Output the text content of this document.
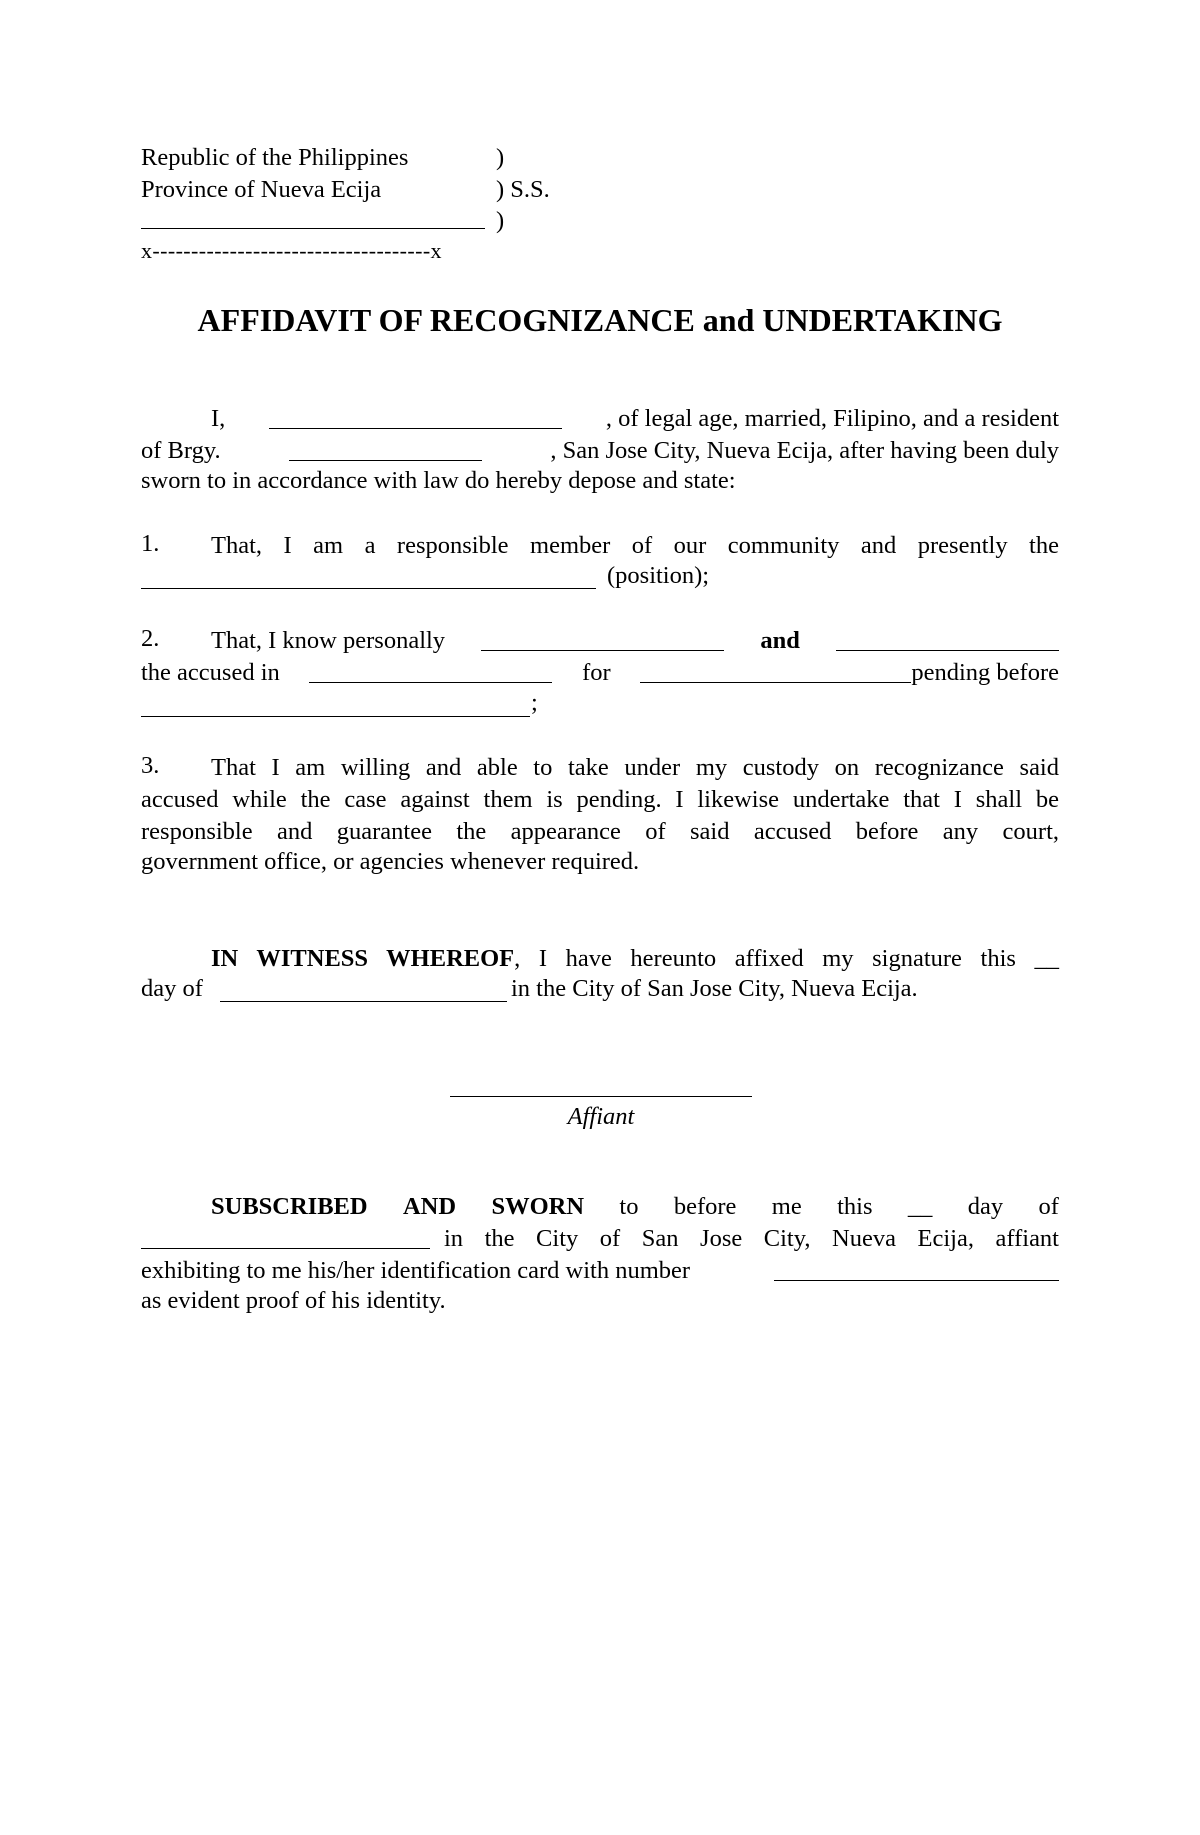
Republic of the Philippines	)
Province of Nueva Ecija	) S.S.
)
x------------------------------------x
AFFIDAVIT OF RECOGNIZANCE and UNDERTAKING
I,	, of legal age, married, Filipino, and a resident
of Brgy.	, San Jose City, Nueva Ecija, after having been duly
sworn to in accordance with law do hereby depose and state:
1. That, I am a responsible member of our community and presently the
(position);
2. That, I know personally	and
the accused in	for	pending before
;
3. That I am willing and able to take under my custody on recognizance said
accused while the case against them is pending. I likewise undertake that I shall be
responsible and guarantee the appearance of said accused before any court,
government office, or agencies whenever required.
IN WITNESS WHEREOF, I have hereunto affixed my signature this __
day of	in the City of San Jose City, Nueva Ecija.
Affiant
SUBSCRIBED AND SWORN to before me this __ day of
in the City of San Jose City, Nueva Ecija, affiant
exhibiting to me his/her identification card with number
as evident proof of his identity.
